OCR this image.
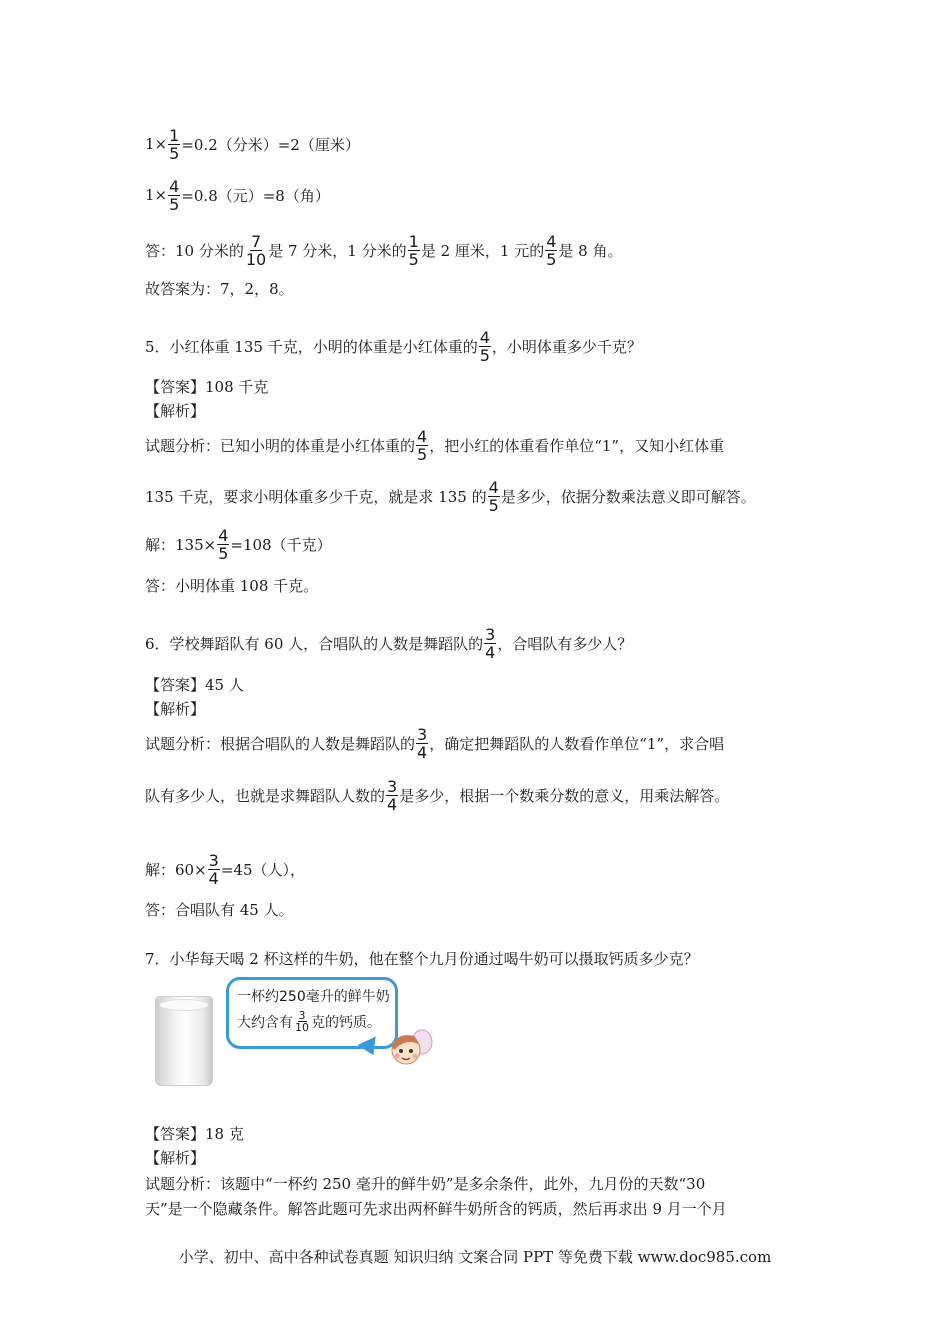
$1\times \frac{1}{5} =0.2$（分米）=2（厘米）
$1\times \frac{4}{5} =0.8$（元）=8（角）
答：10 分米的 $\frac{7}{10}$ 是 7 分米，1 分米的 $\frac{1}{5}$ 是 2 厘米，1 元的 $\frac{4}{5}$ 是 8 角。
故答案为：7，2，8。
5．小红体重 135 千克，小明的体重是小红体重的 $\frac{4}{5}$ ，小明体重多少千克？
【答案】108 千克
【解析】
试题分析：已知小明的体重是小红体重的 $\frac{4}{5}$ ，把小红的体重看作单位“1”，又知小红体重
135 千克，要求小明体重多少千克，就是求 135 的 $\frac{4}{5}$ 是多少，依据分数乘法意义即可解答。
解：$135\times \frac{4}{5} =108$（千克）
答：小明体重 108 千克。
6．学校舞蹈队有 60 人，合唱队的人数是舞蹈队的 $\frac{3}{4}$ ，合唱队有多少人？
【答案】45 人
【解析】
试题分析：根据合唱队的人数是舞蹈队的 $\frac{3}{4}$ ，确定把舞蹈队的人数看作单位“1”，求合唱
队有多少人，也就是求舞蹈队人数的 $\frac{3}{4}$ 是多少，根据一个数乘分数的意义，用乘法解答。
解：$60\times \frac{3}{4} =45$（人），
答：合唱队有 45 人。
7．小华每天喝 2 杯这样的牛奶，他在整个九月份通过喝牛奶可以摄取钙质多少克？
一杯约250毫升的鲜牛奶
大约含有 $\frac{3}{10}$ 克的钙质。
【答案】18 克
【解析】
试题分析：该题中“一杯约 250 毫升的鲜牛奶”是多余条件，此外，九月份的天数“30
天”是一个隐藏条件。解答此题可先求出两杯鲜牛奶所含的钙质，然后再求出 9 月一个月
小学、初中、高中各种试卷真题 知识归纳 文案合同 PPT 等免费下载 www.doc985.com
